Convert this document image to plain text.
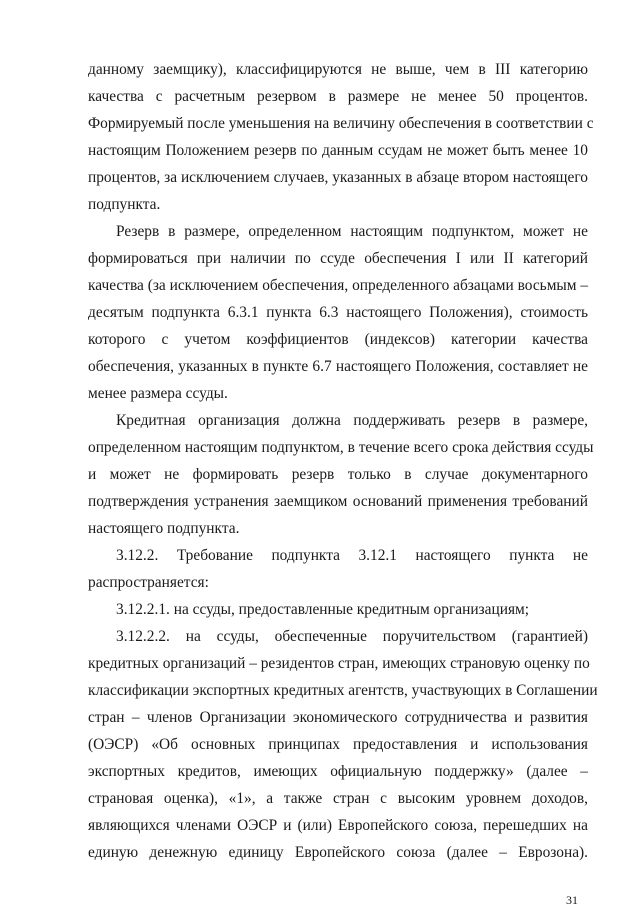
данному заемщику), классифицируются не выше, чем в III категорию

качества с расчетным резервом в размере не менее 50 процентов.

Формируемый после уменьшения на величину обеспечения в соответствии с

настоящим Положением резерв по данным ссудам не может быть менее 10

процентов, за исключением случаев, указанных в абзаце втором настоящего

подпункта.

Резерв в размере, определенном настоящим подпунктом, может не

формироваться при наличии по ссуде обеспечения I или II категорий

качества (за исключением обеспечения, определенного абзацами восьмым –

десятым подпункта 6.3.1 пункта 6.3 настоящего Положения), стоимость

которого с учетом коэффициентов (индексов) категории качества

обеспечения, указанных в пункте 6.7 настоящего Положения, составляет не

менее размера ссуды.

Кредитная организация должна поддерживать резерв в размере,

определенном настоящим подпунктом, в течение всего срока действия ссуды

и может не формировать резерв только в случае документарного

подтверждения устранения заемщиком оснований применения требований

настоящего подпункта.

3.12.2. Требование подпункта 3.12.1 настоящего пункта не

распространяется:

3.12.2.1. на ссуды, предоставленные кредитным организациям;

3.12.2.2. на ссуды, обеспеченные поручительством (гарантией)

кредитных организаций – резидентов стран, имеющих страновую оценку по

классификации экспортных кредитных агентств, участвующих в Соглашении

стран – членов Организации экономического сотрудничества и развития

(ОЭСР) «Об основных принципах предоставления и использования

экспортных кредитов, имеющих официальную поддержку» (далее –

страновая оценка), «1», а также стран с высоким уровнем доходов,

являющихся членами ОЭСР и (или) Европейского союза, перешедших на

единую денежную единицу Европейского союза (далее – Еврозона).

31
